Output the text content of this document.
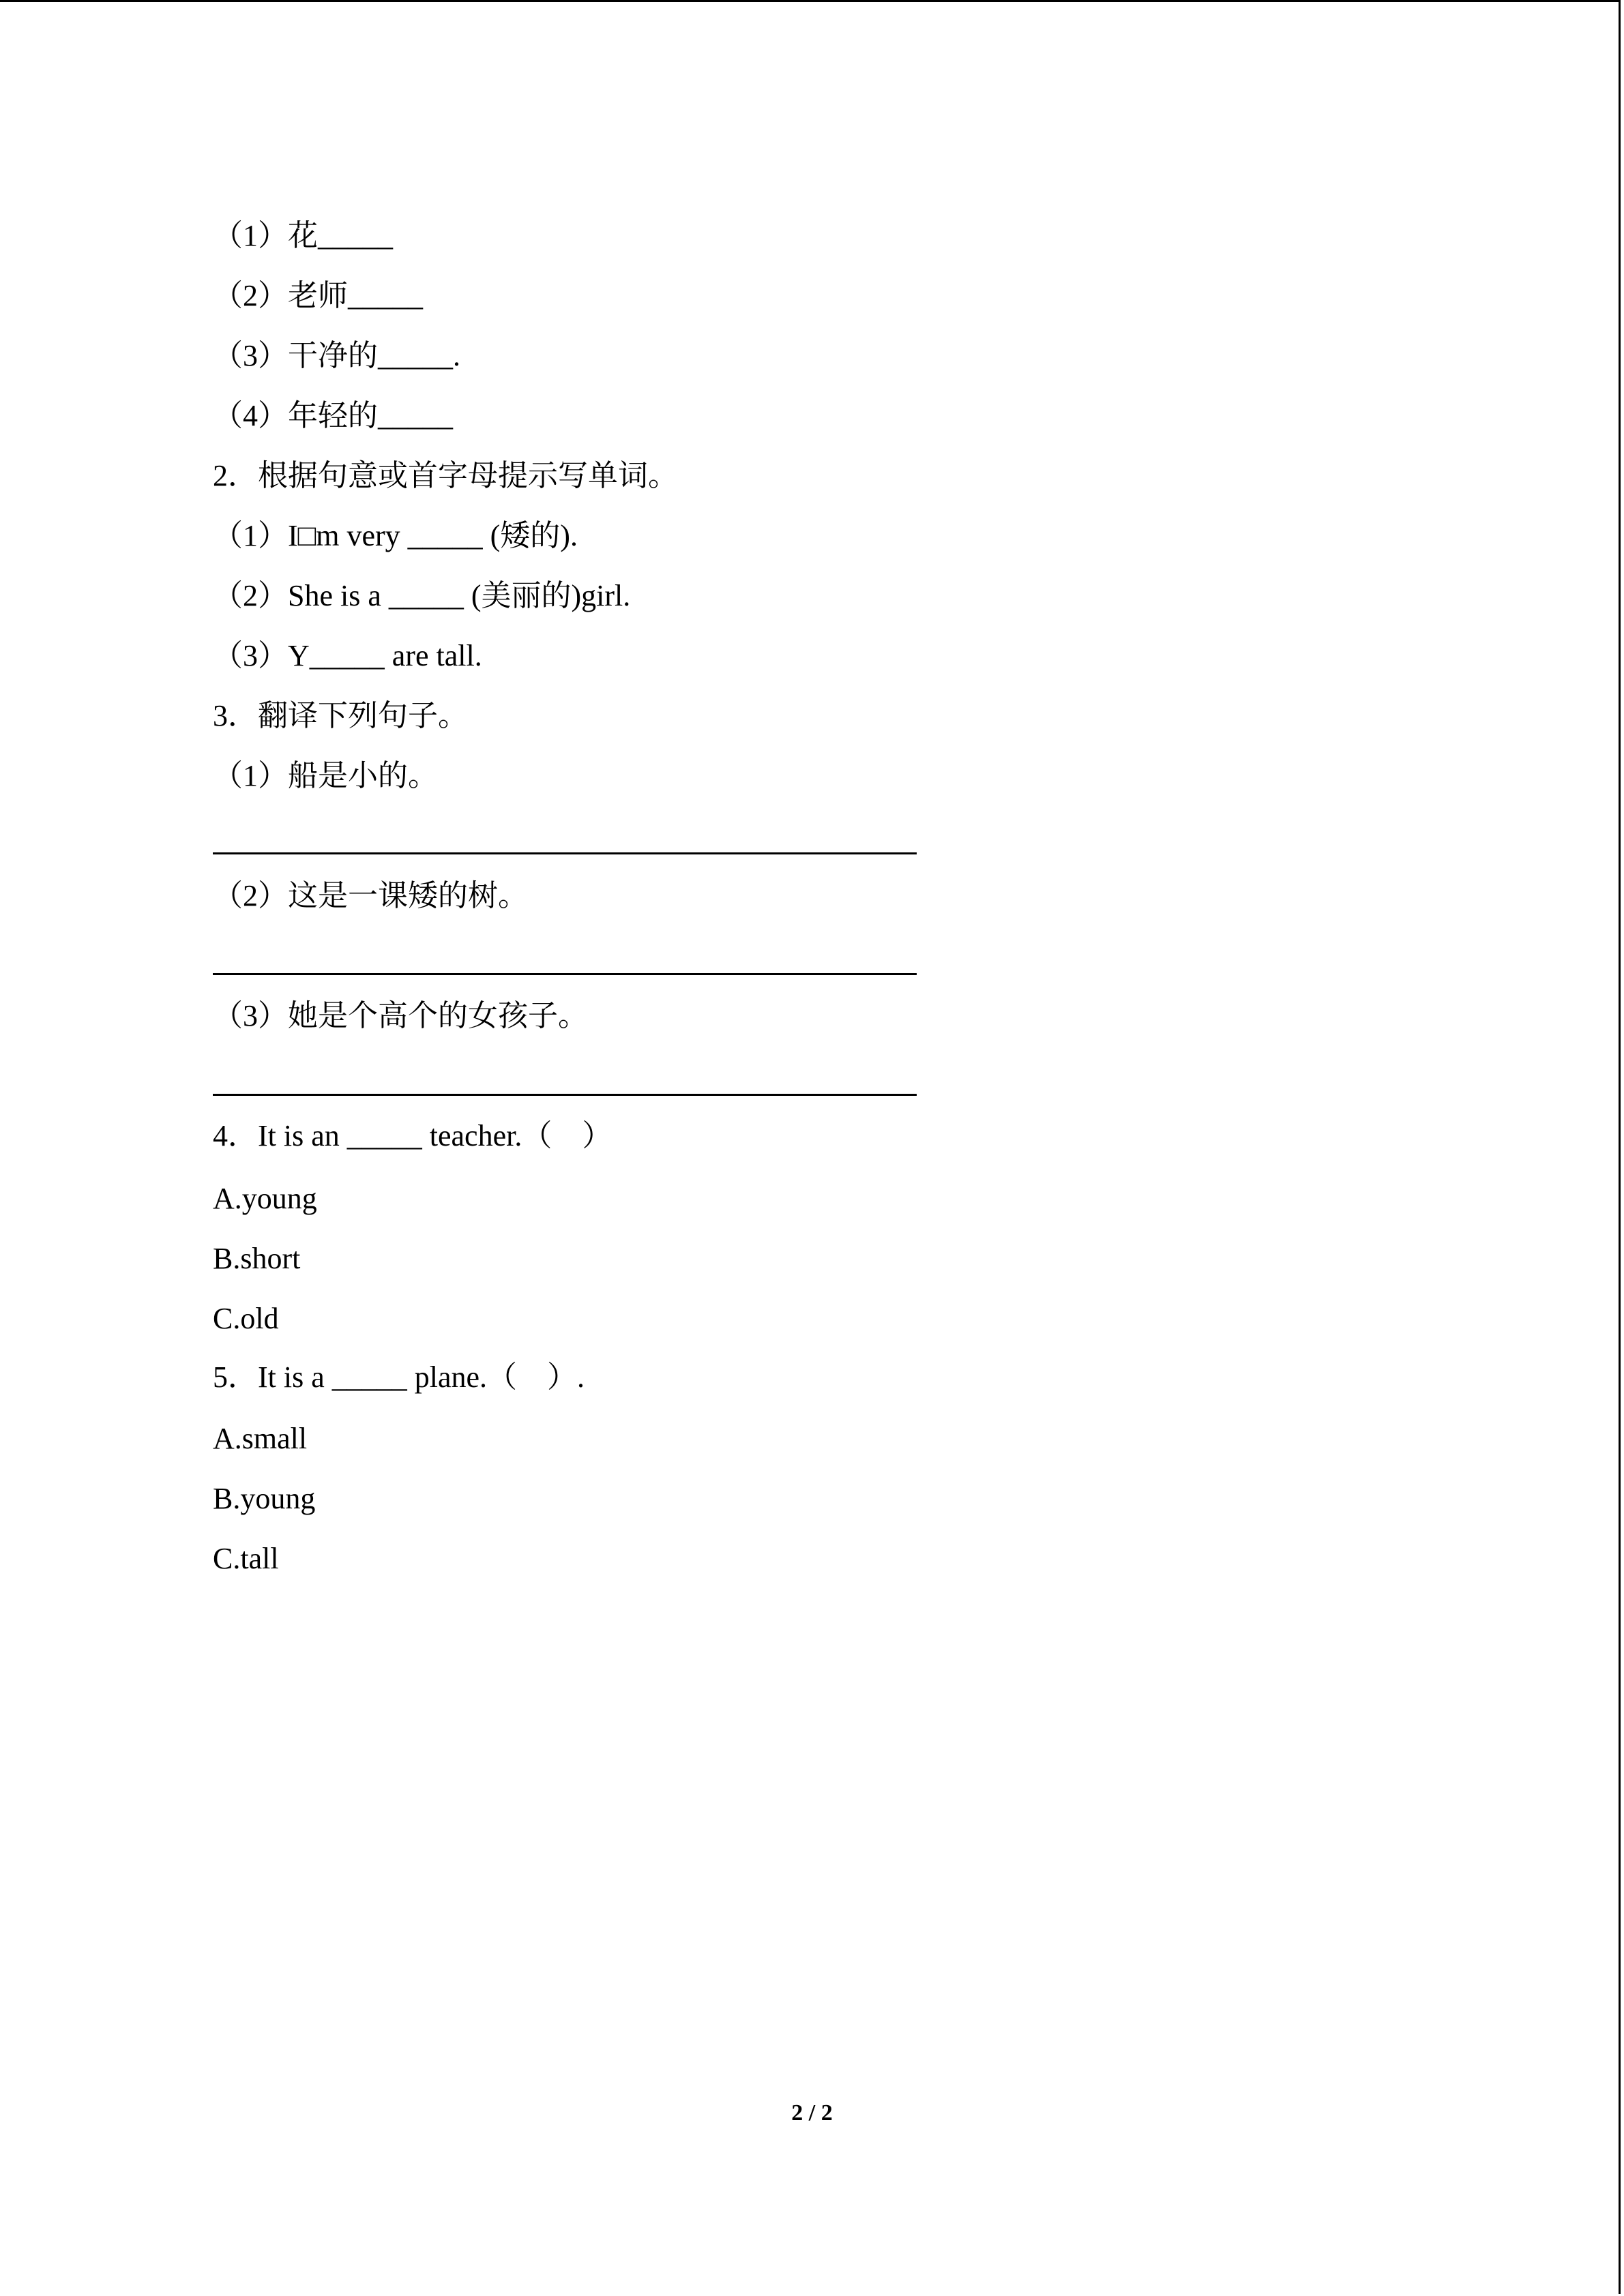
（1）花_____
（2）老师_____
（3）干净的_____.
（4）年轻的_____
2．根据句意或首字母提示写单词。
（1）I□m very _____ (矮的).
（2）She is a _____ (美丽的)girl.
（3）Y_____ are tall.
3．翻译下列句子。
（1）船是小的。
（2）这是一课矮的树。
（3）她是个高个的女孩子。
4．It is an _____ teacher.（    ）
A.young
B.short
C.old
5．It is a _____ plane.（    ）.
A.small
B.young
C.tall
2 / 2
